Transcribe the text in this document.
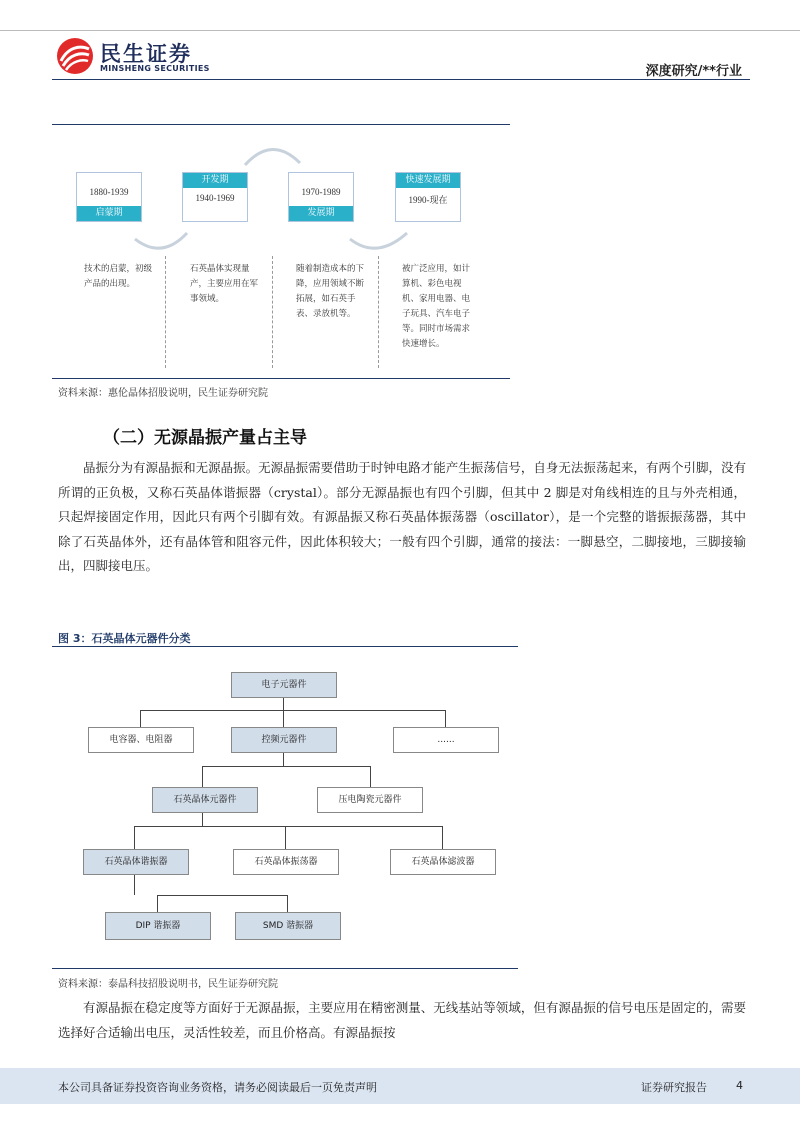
民生证券
MINSHENG SECURITIES	深度研究/**行业
1880-1939
启蒙期
开发期
1940-1969
1970-1989
发展期
快速发展期
1990-现在
技术的启蒙，初级产品的出现。
石英晶体实现量产，主要应用在军事领域。
随着制造成本的下降，应用领域不断拓展，如石英手表、录放机等。
被广泛应用，如计算机、彩色电视机、家用电器、电子玩具、汽车电子等。同时市场需求快速增长。
资料来源：惠伦晶体招股说明，民生证券研究院
（二）无源晶振产量占主导

晶振分为有源晶振和无源晶振。无源晶振需要借助于时钟电路才能产生振荡信号，自身无法振荡起来，有两个引脚，没有所谓的正负极，又称石英晶体谐振器（crystal）。部分无源晶振也有四个引脚，但其中 2 脚是对角线相连的且与外壳相通，只起焊接固定作用，因此只有两个引脚有效。有源晶振又称石英晶体振荡器（oscillator），是一个完整的谐振振荡器，其中除了石英晶体外，还有晶体管和阻容元件，因此体积较大；一般有四个引脚，通常的接法：一脚悬空，二脚接地，三脚接输出，四脚接电压。

图 3：石英晶体元器件分类
电子元器件
电容器、电阻器	控频元器件	......
石英晶体元器件	压电陶瓷元器件
石英晶体谐振器	石英晶体振荡器	石英晶体滤波器
DIP 谐振器	SMD 谐振器
资料来源：泰晶科技招股说明书，民生证券研究院

有源晶振在稳定度等方面好于无源晶振，主要应用在精密测量、无线基站等领域，但有源晶振的信号电压是固定的，需要选择好合适输出电压，灵活性较差，而且价格高。有源晶振按

本公司具备证券投资咨询业务资格，请务必阅读最后一页免责声明	证券研究报告	4
